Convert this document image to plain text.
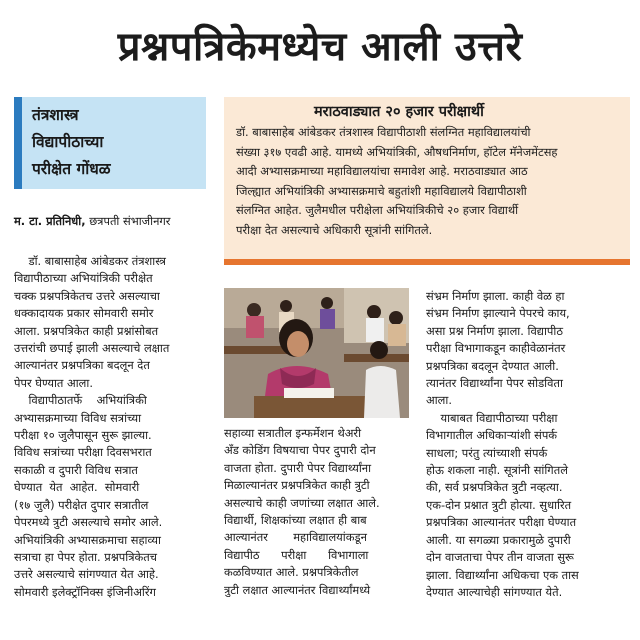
प्रश्नपत्रिकेमध्येच आली उत्तरे
तंत्रशास्त्र
विद्यापीठाच्या
परीक्षेत गोंधळ
मराठवाड्यात २० हजार परीक्षार्थी
डॉ. बाबासाहेब आंबेडकर तंत्रशास्त्र विद्यापीठाशी संलग्नित महाविद्यालयांची
संख्या ३१७ एवढी आहे. यामध्ये अभियांत्रिकी, औषधनिर्माण, हॉटेल मॅनेजमेंटसह
आदी अभ्यासक्रमाच्या महाविद्यालयांचा समावेश आहे. मराठवाड्यात आठ
जिल्ह्यात अभियांत्रिकी अभ्यासक्रमाचे बहुतांशी महाविद्यालये विद्यापीठाशी
संलग्नित आहेत. जुलैमधील परीक्षेला अभियांत्रिकीचे २० हजार विद्यार्थी
परीक्षा देत असल्याचे अधिकारी सूत्रांनी सांगितले.
म. टा. प्रतिनिधी, छत्रपती संभाजीनगर
डॉ. बाबासाहेब आंबेडकर तंत्रशास्त्र
विद्यापीठाच्या अभियांत्रिकी परीक्षेत
चक्क प्रश्नपत्रिकेतच उत्तरे असल्याचा
धक्कादायक प्रकार सोमवारी समोर
आला. प्रश्नपत्रिकेत काही प्रश्नांसोबत
उत्तरांची छपाई झाली असल्याचे लक्षात
आल्यानंतर प्रश्नपत्रिका बदलून देत
पेपर घेण्यात आला.
विद्यापीठातर्फे    अभियांत्रिकी
अभ्यासक्रमाच्या विविध सत्रांच्या
परीक्षा १० जुलैपासून सुरू झाल्या.
विविध सत्रांच्या परीक्षा दिवसभरात
सकाळी व दुपारी विविध सत्रात
घेण्यात  येत  आहेत.  सोमवारी
(१७ जुलै) परीक्षेत दुपार सत्रातील
पेपरमध्ये त्रुटी असल्याचे समोर आले.
अभियांत्रिकी अभ्यासक्रमाचा सहाव्या
सत्राचा हा पेपर होता. प्रश्नपत्रिकेतच
उत्तरे असल्याचे सांगण्यात येत आहे.
सोमवारी इलेक्ट्रॉनिक्स इंजिनीअरिंग
सहाव्या सत्रातील इन्फर्मेशन थेअरी
अँड कोडिंग विषयाचा पेपर दुपारी दोन
वाजता होता. दुपारी पेपर विद्यार्थ्यांना
मिळाल्यानंतर प्रश्नपत्रिकेत काही त्रुटी
असल्याचे काही जणांच्या लक्षात आले.
विद्यार्थी, शिक्षकांच्या लक्षात ही बाब
आल्यानंतर       महाविद्यालयांकडून
विद्यापीठ      परीक्षा      विभागाला
कळविण्यात आले. प्रश्नपत्रिकेतील
त्रुटी लक्षात आल्यानंतर विद्यार्थ्यांमध्ये
संभ्रम निर्माण झाला. काही वेळ हा
संभ्रम निर्माण झाल्याने पेपरचे काय,
असा प्रश्न निर्माण झाला. विद्यापीठ
परीक्षा विभागाकडून काहीवेळानंतर
प्रश्नपत्रिका बदलून देण्यात आली.
त्यानंतर विद्यार्थ्यांना पेपर सोडविता
आला.
याबाबत विद्यापीठाच्या परीक्षा
विभागातील अधिकाऱ्यांशी संपर्क
साधला; परंतु त्यांच्याशी संपर्क
होऊ शकला नाही. सूत्रांनी सांगितले
की, सर्व प्रश्नपत्रिकेत त्रुटी नव्हत्या.
एक-दोन प्रश्नात त्रुटी होत्या. सुधारित
प्रश्नपत्रिका आल्यानंतर परीक्षा घेण्यात
आली. या सगळ्या प्रकारामुळे दुपारी
दोन वाजताचा पेपर तीन वाजता सुरू
झाला. विद्यार्थ्यांना अधिकचा एक तास
देण्यात आल्याचेही सांगण्यात येते.
